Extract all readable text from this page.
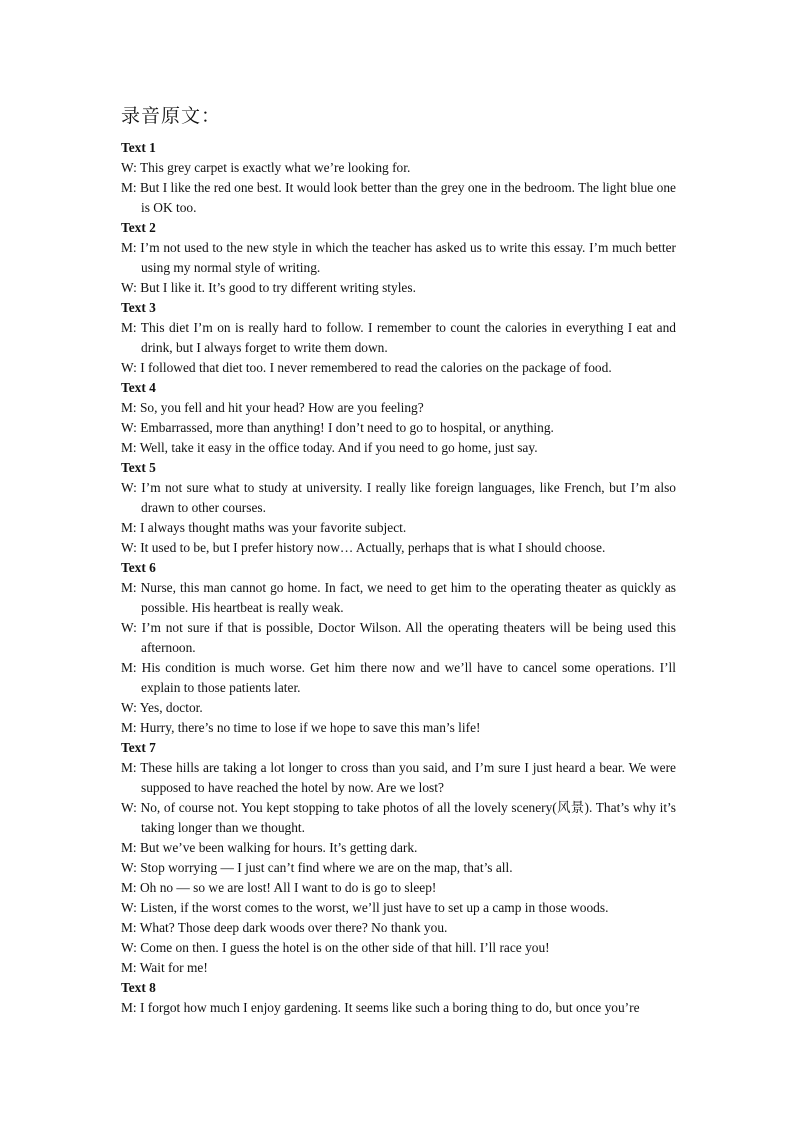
录音原文：
Text 1
W: This grey carpet is exactly what we’re looking for.
M: But I like the red one best. It would look better than the grey one in the bedroom. The light blue one is OK too.
Text 2
M: I’m not used to the new style in which the teacher has asked us to write this essay. I’m much better using my normal style of writing.
W: But I like it. It’s good to try different writing styles.
Text 3
M: This diet I’m on is really hard to follow. I remember to count the calories in everything I eat and drink, but I always forget to write them down.
W: I followed that diet too. I never remembered to read the calories on the package of food.
Text 4
M: So, you fell and hit your head? How are you feeling?
W: Embarrassed, more than anything! I don’t need to go to hospital, or anything.
M: Well, take it easy in the office today. And if you need to go home, just say.
Text 5
W: I’m not sure what to study at university. I really like foreign languages, like French, but I’m also drawn to other courses.
M: I always thought maths was your favorite subject.
W: It used to be, but I prefer history now… Actually, perhaps that is what I should choose.
Text 6
M: Nurse, this man cannot go home. In fact, we need to get him to the operating theater as quickly as possible. His heartbeat is really weak.
W: I’m not sure if that is possible, Doctor Wilson. All the operating theaters will be being used this afternoon.
M: His condition is much worse. Get him there now and we’ll have to cancel some operations. I’ll explain to those patients later.
W: Yes, doctor.
M: Hurry, there’s no time to lose if we hope to save this man’s life!
Text 7
M: These hills are taking a lot longer to cross than you said, and I’m sure I just heard a bear. We were supposed to have reached the hotel by now. Are we lost?
W: No, of course not. You kept stopping to take photos of all the lovely scenery(风景). That’s why it’s taking longer than we thought.
M: But we’ve been walking for hours. It’s getting dark.
W: Stop worrying — I just can’t find where we are on the map, that’s all.
M: Oh no — so we are lost! All I want to do is go to sleep!
W: Listen, if the worst comes to the worst, we’ll just have to set up a camp in those woods.
M: What? Those deep dark woods over there? No thank you.
W: Come on then. I guess the hotel is on the other side of that hill. I’ll race you!
M: Wait for me!
Text 8
M: I forgot how much I enjoy gardening. It seems like such a boring thing to do, but once you’re
